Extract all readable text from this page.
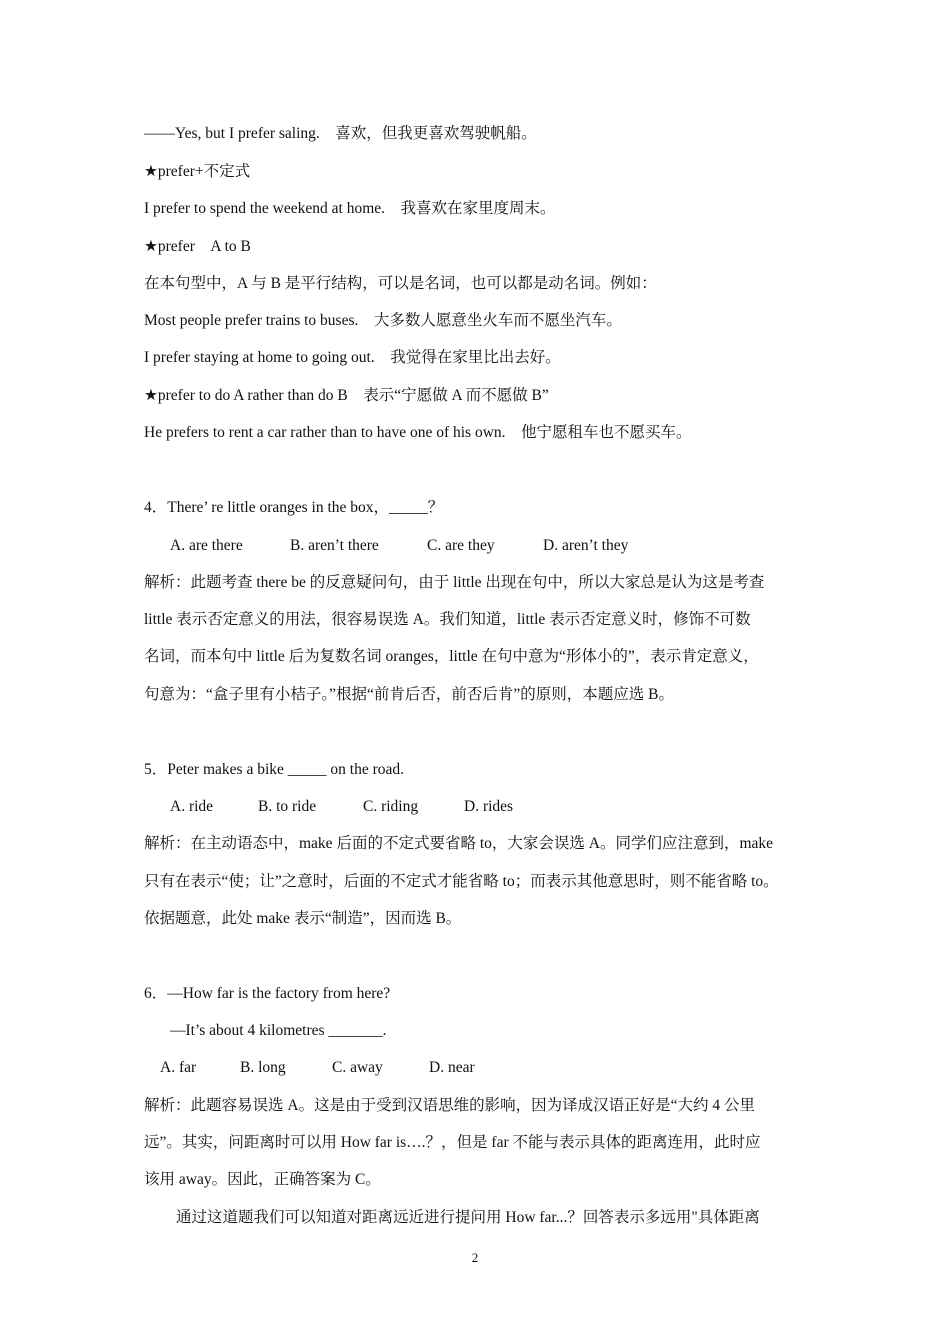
——Yes, but I prefer saling.　喜欢，但我更喜欢驾驶帆船。
★prefer+不定式
I prefer to spend the weekend at home.　我喜欢在家里度周末。
★prefer　A to B
在本句型中，A 与 B 是平行结构，可以是名词，也可以都是动名词。例如：
Most people prefer trains to buses.　大多数人愿意坐火车而不愿坐汽车。
I prefer staying at home to going out.　我觉得在家里比出去好。
★prefer to do A rather than do B　表示“宁愿做 A 而不愿做 B”
He prefers to rent a car rather than to have one of his own.　他宁愿租车也不愿买车。
4．There’ re little oranges in the box，_____？
A. are there	B. aren’t there	C. are they	D. aren’t they
解析：此题考查 there be 的反意疑问句，由于 little 出现在句中，所以大家总是认为这是考查
little 表示否定意义的用法，很容易误选 A。我们知道，little 表示否定意义时，修饰不可数
名词，而本句中 little 后为复数名词 oranges，little 在句中意为“形体小的”，表示肯定意义，
句意为：“盒子里有小桔子。”根据“前肯后否，前否后肯”的原则，本题应选 B。
5．Peter makes a bike _____ on the road.
A. ride	B. to ride	C. riding	D. rides
解析：在主动语态中，make 后面的不定式要省略 to，大家会误选 A。同学们应注意到，make
只有在表示“使；让”之意时，后面的不定式才能省略 to；而表示其他意思时，则不能省略 to。
依据题意，此处 make 表示“制造”，因而选 B。
6．—How far is the factory from here?
—It’s about 4 kilometres _______.
A. far	B. long	C. away	D. near
解析：此题容易误选 A。这是由于受到汉语思维的影响，因为译成汉语正好是“大约 4 公里
远”。其实，问距离时可以用 How far is….？，但是 far 不能与表示具体的距离连用，此时应
该用 away。因此，正确答案为 C。
通过这道题我们可以知道对距离远近进行提问用 How far...？回答表示多远用"具体距离
2
